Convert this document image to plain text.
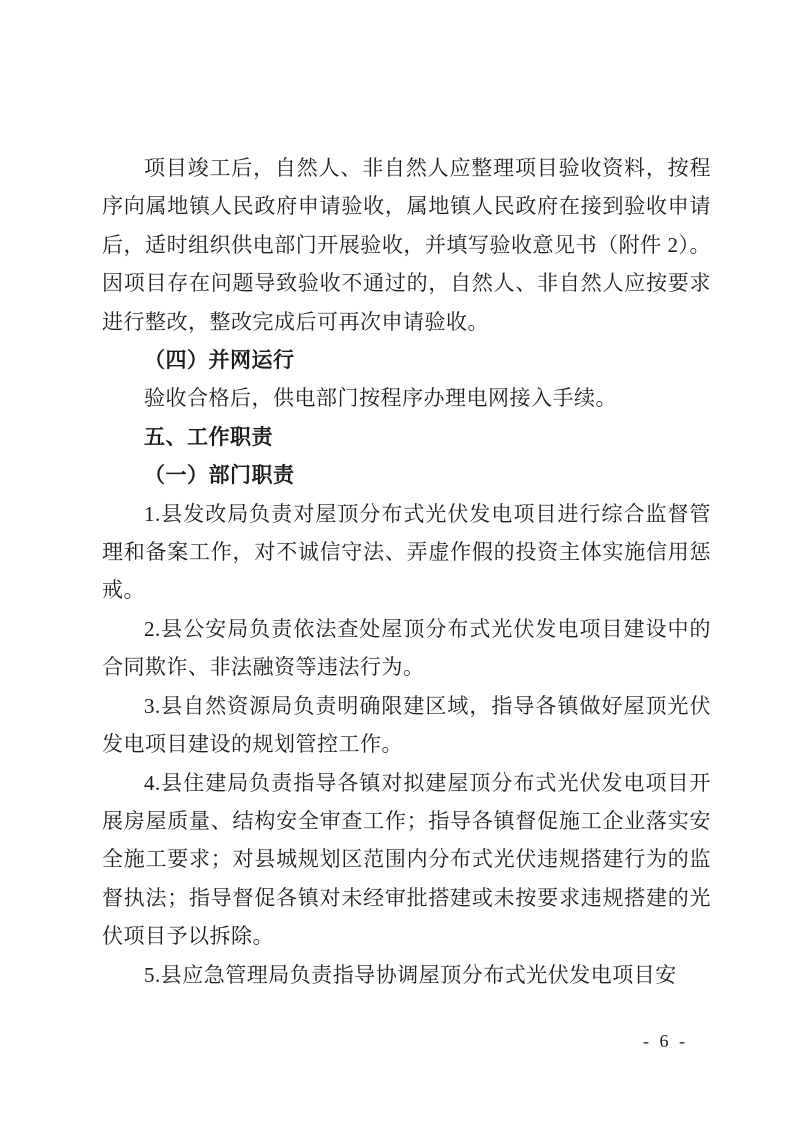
项目竣工后，自然人、非自然人应整理项目验收资料，按程序向属地镇人民政府申请验收，属地镇人民政府在接到验收申请后，适时组织供电部门开展验收，并填写验收意见书（附件 2）。因项目存在问题导致验收不通过的，自然人、非自然人应按要求进行整改，整改完成后可再次申请验收。

（四）并网运行

验收合格后，供电部门按程序办理电网接入手续。

五、工作职责

（一）部门职责

1.县发改局负责对屋顶分布式光伏发电项目进行综合监督管理和备案工作，对不诚信守法、弄虚作假的投资主体实施信用惩戒。

2.县公安局负责依法查处屋顶分布式光伏发电项目建设中的合同欺诈、非法融资等违法行为。

3.县自然资源局负责明确限建区域，指导各镇做好屋顶光伏发电项目建设的规划管控工作。

4.县住建局负责指导各镇对拟建屋顶分布式光伏发电项目开展房屋质量、结构安全审查工作；指导各镇督促施工企业落实安全施工要求；对县城规划区范围内分布式光伏违规搭建行为的监督执法；指导督促各镇对未经审批搭建或未按要求违规搭建的光伏项目予以拆除。

5.县应急管理局负责指导协调屋顶分布式光伏发电项目安

- 6 -
